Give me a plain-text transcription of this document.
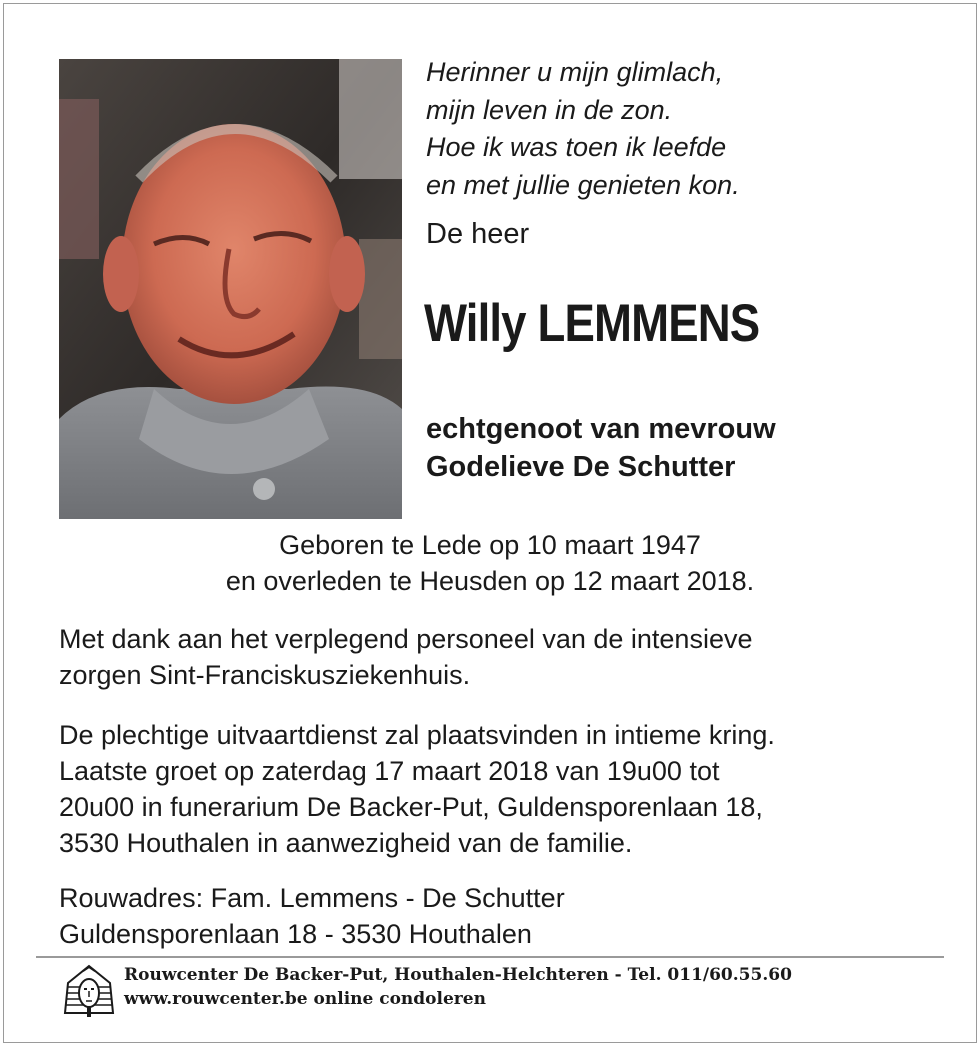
Herinner u mijn glimlach,
mijn leven in de zon.
Hoe ik was toen ik leefde
en met jullie genieten kon.
De heer
Willy LEMMENS
echtgenoot van mevrouw
Godelieve De Schutter
Geboren te Lede op 10 maart 1947
en overleden te Heusden op 12 maart 2018.
Met dank aan het verplegend personeel van de intensieve
zorgen Sint-Franciskusziekenhuis.
De plechtige uitvaartdienst zal plaatsvinden in intieme kring.
Laatste groet op zaterdag 17 maart 2018 van 19u00 tot
20u00 in funerarium De Backer-Put, Guldensporenlaan 18,
3530 Houthalen in aanwezigheid van de familie.
Rouwadres: Fam. Lemmens - De Schutter
Guldensporenlaan 18 - 3530 Houthalen
Rouwcenter De Backer-Put, Houthalen-Helchteren - Tel. 011/60.55.60
www.rouwcenter.be online condoleren
